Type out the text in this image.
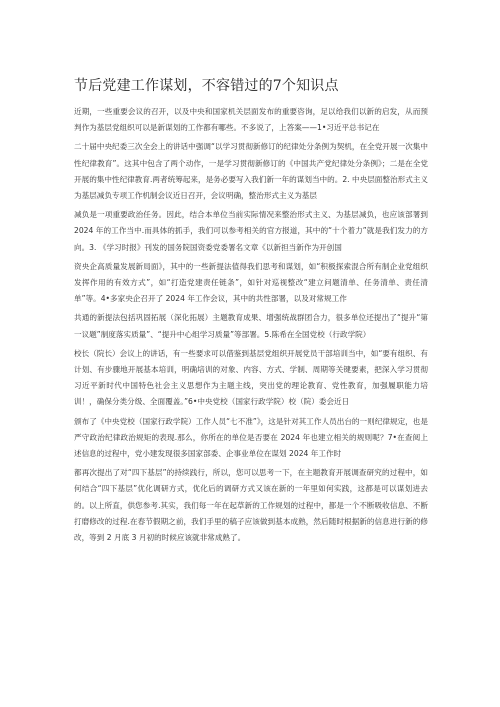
节后党建工作谋划，不容错过的7个知识点

近期，一些重要会议的召开，以及中央和国家机关层面发布的重要咨询，足以给我们以新的启发，从而预判作为基层党组织可以是新谋划的工作都有哪些。不多说了，上答案——1•习近平总书记在

二十届中央纪委三次全会上的讲话中强调“以学习贯彻新修订的纪律处分条例为契机，在全党开展一次集中性纪律教育”。这其中包含了两个动作，一是学习贯彻新修订的《中国共产党纪律处分条例》；二是在全党开展的集中性纪律教育.两者统筹起来，是务必要写入我们新一年的谋划当中的。2. 中央层面整治形式主义为基层减负专项工作机制会议近日召开，会议明确，整治形式主义为基层

减负是一项重要政治任务。因此，结合本单位当前实际情况来整治形式主义、为基层减负，也应该部署到 2024 年的工作当中.而具体的抓手，我们可以参考相关的官方报道，其中的“十个着力”就是我们发力的方向。3. 《学习时报》刊发的国务院国资委党委署名文章《以新担当新作为开创国

资央企高质量发展新局面》，其中的一些新提法值得我们思考和谋划，如“积极探索混合所有制企业党组织发挥作用的有效方式”，如“打造党建责任链条”，如针对巡视整改“建立问题清单、任务清单、责任清单”等。4•多家央企召开了 2024 年工作会议，其中的共性部署，以及对常规工作

共通的新提法包括巩固拓展（深化拓展）主题教育成果、增强统战群团合力，很多单位还提出了“提升“第一议题”制度落实质量”、“提升中心组学习质量”等部署。5.陈希在全国党校（行政学院）

校长（院长）会议上的讲话，有一些要求可以借鉴到基层党组织开展党员干部培训当中，如“要有组织、有计划、有步骤地开展基本培训，明确培训的对象、内容、方式、学制、周期等关键要素，把深入学习贯彻习近平新时代中国特色社会主义思想作为主题主线，突出党的理论教育、党性教育，加强履职能力培训！，确保分类分级、全面覆盖。”6•中央党校（国家行政学院）校（院）委会近日

颁布了《中央党校（国家行政学院）工作人员“七不准”》，这是针对其工作人员出台的一则纪律规定，也是严守政治纪律政治规矩的表现.那么，你所在的单位是否要在 2024 年也建立相关的规则呢？7•在查阅上述信息的过程中，党小建发现很多国家部委、企事业单位在谋划 2024 年工作时

都再次提出了对“四下基层”的持续践行，所以，您可以思考一下，在主题教育开展调查研究的过程中，如何结合“四下基层”优化调研方式，优化后的调研方式又该在新的一年里如何实践，这都是可以谋划进去的。以上所直，供您参考.其实，我们每一年在起草新的工作规划的过程中，都是一个不断吸收信息、不断打磨修改的过程.在春节假期之前，我们手里的稿子应该做到基本成熟，然后随时根据新的信息进行新的修改，等到 2 月底 3 月初的时候应该就非常成熟了。
